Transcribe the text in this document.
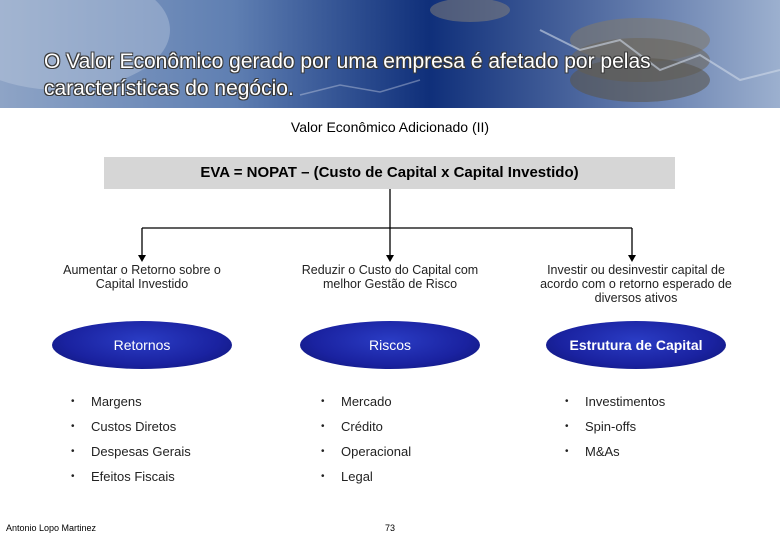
O Valor Econômico gerado por uma empresa é afetado por pelas características do negócio.
Valor Econômico Adicionado (II)
EVA = NOPAT – (Custo de Capital x Capital Investido)
Aumentar o Retorno sobre o Capital Investido
Reduzir o Custo do Capital com melhor Gestão de Risco
Investir ou desinvestir capital de acordo com o retorno esperado de diversos ativos
Retornos	Riscos	Estrutura de Capital
• Margens
• Custos Diretos
• Despesas Gerais
• Efeitos Fiscais
• Mercado
• Crédito
• Operacional
• Legal
• Investimentos
• Spin-offs
• M&As
Antonio Lopo Martinez	73
